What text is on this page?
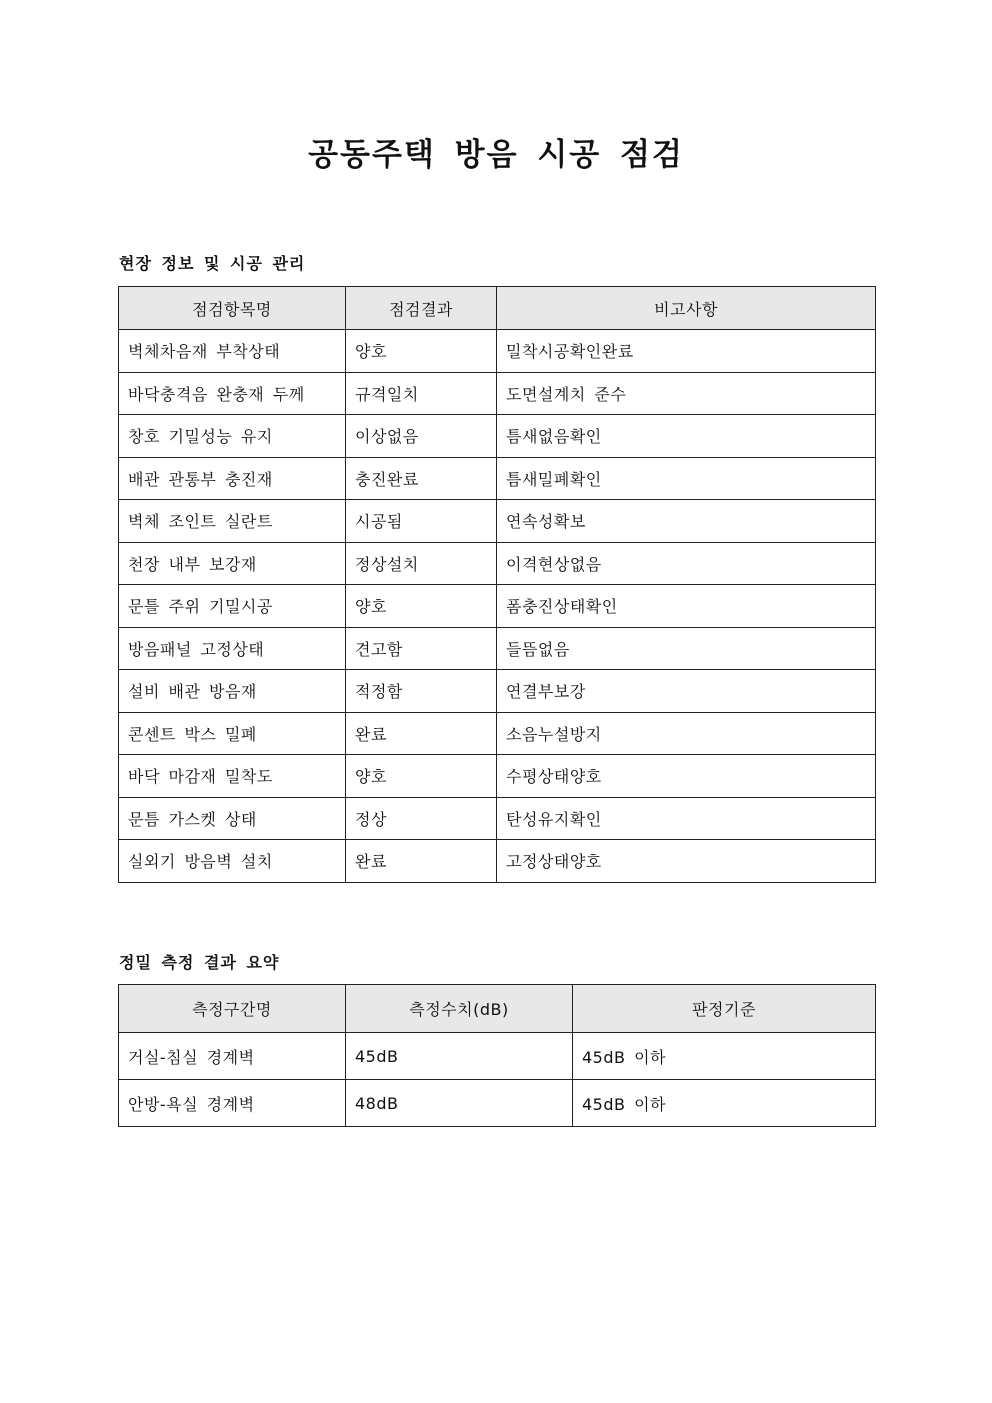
공동주택 방음 시공 점검
현장 정보 및 시공 관리
점검항목명	점검결과	비고사항
벽체차음재 부착상태	양호	밀착시공확인완료
바닥충격음 완충재 두께	규격일치	도면설계치 준수
창호 기밀성능 유지	이상없음	틈새없음확인
배관 관통부 충진재	충진완료	틈새밀폐확인
벽체 조인트 실란트	시공됨	연속성확보
천장 내부 보강재	정상설치	이격현상없음
문틀 주위 기밀시공	양호	폼충진상태확인
방음패널 고정상태	견고함	들뜸없음
설비 배관 방음재	적정함	연결부보강
콘센트 박스 밀폐	완료	소음누설방지
바닥 마감재 밀착도	양호	수평상태양호
문틈 가스켓 상태	정상	탄성유지확인
실외기 방음벽 설치	완료	고정상태양호
정밀 측정 결과 요약
측정구간명	측정수치(dB)	판정기준
거실-침실 경계벽	45dB	45dB 이하
안방-욕실 경계벽	48dB	45dB 이하
